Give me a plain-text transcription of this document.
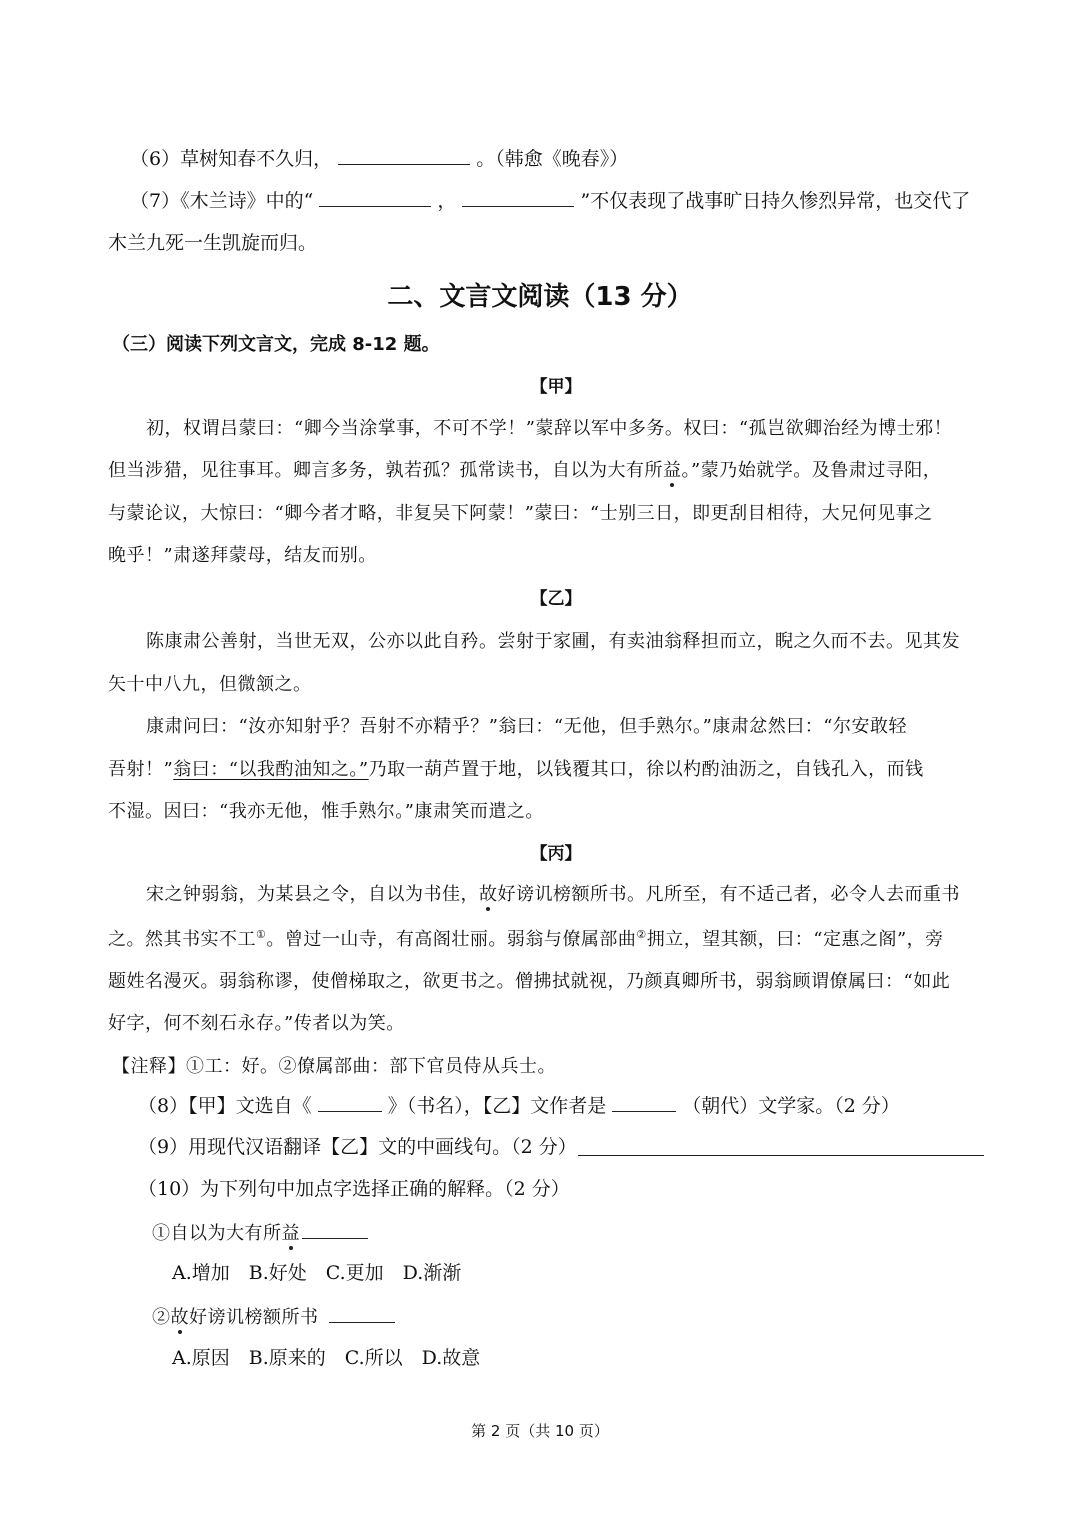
（6）草树知春不久归，	。（韩愈《晚春》）
（7）《木兰诗》中的“	，	”不仅表现了战事旷日持久惨烈异常，也交代了
木兰九死一生凯旋而归。
二、文言文阅读（13 分）
（三）阅读下列文言文，完成 8-12 题。
【甲】
初，权谓吕蒙曰：“卿今当涂掌事，不可不学！”蒙辞以军中多务。权曰：“孤岂欲卿治经为博士邪！
但当涉猎，见往事耳。卿言多务，孰若孤？孤常读书，自以为大有所益。”蒙乃始就学。及鲁肃过寻阳，
与蒙论议，大惊曰：“卿今者才略，非复吴下阿蒙！”蒙曰：“士别三日，即更刮目相待，大兄何见事之
晚乎！”肃遂拜蒙母，结友而别。
【乙】
陈康肃公善射，当世无双，公亦以此自矜。尝射于家圃，有卖油翁释担而立，睨之久而不去。见其发
矢十中八九，但微颔之。
康肃问曰：“汝亦知射乎？吾射不亦精乎？”翁曰：“无他，但手熟尔。”康肃忿然曰：“尔安敢轻
吾射！”翁曰：“以我酌油知之。”乃取一葫芦置于地，以钱覆其口，徐以杓酌油沥之，自钱孔入，而钱
不湿。因曰：“我亦无他，惟手熟尔。”康肃笑而遣之。
【丙】
宋之钟弱翁，为某县之令，自以为书佳，故好谤讥榜额所书。凡所至，有不适己者，必令人去而重书
之。然其书实不工①。曾过一山寺，有高阁壮丽。弱翁与僚属部曲②拥立，望其额，曰：“定惠之阁”，旁
题姓名漫灭。弱翁称谬，使僧梯取之，欲更书之。僧拂拭就视，乃颜真卿所书，弱翁顾谓僚属曰：“如此
好字，何不刻石永存。”传者以为笑。
【注释】①工：好。②僚属部曲：部下官员侍从兵士。
（8）【甲】文选自《	》（书名），【乙】文作者是	（朝代）文学家。（2 分）
（9）用现代汉语翻译【乙】文的中画线句。（2 分）
（10）为下列句中加点字选择正确的解释。（2 分）
①自以为大有所益
A.增加　B.好处　C.更加　D.渐渐
②故好谤讥榜额所书
A.原因　B.原来的　C.所以　D.故意
第 2 页（共 10 页）
